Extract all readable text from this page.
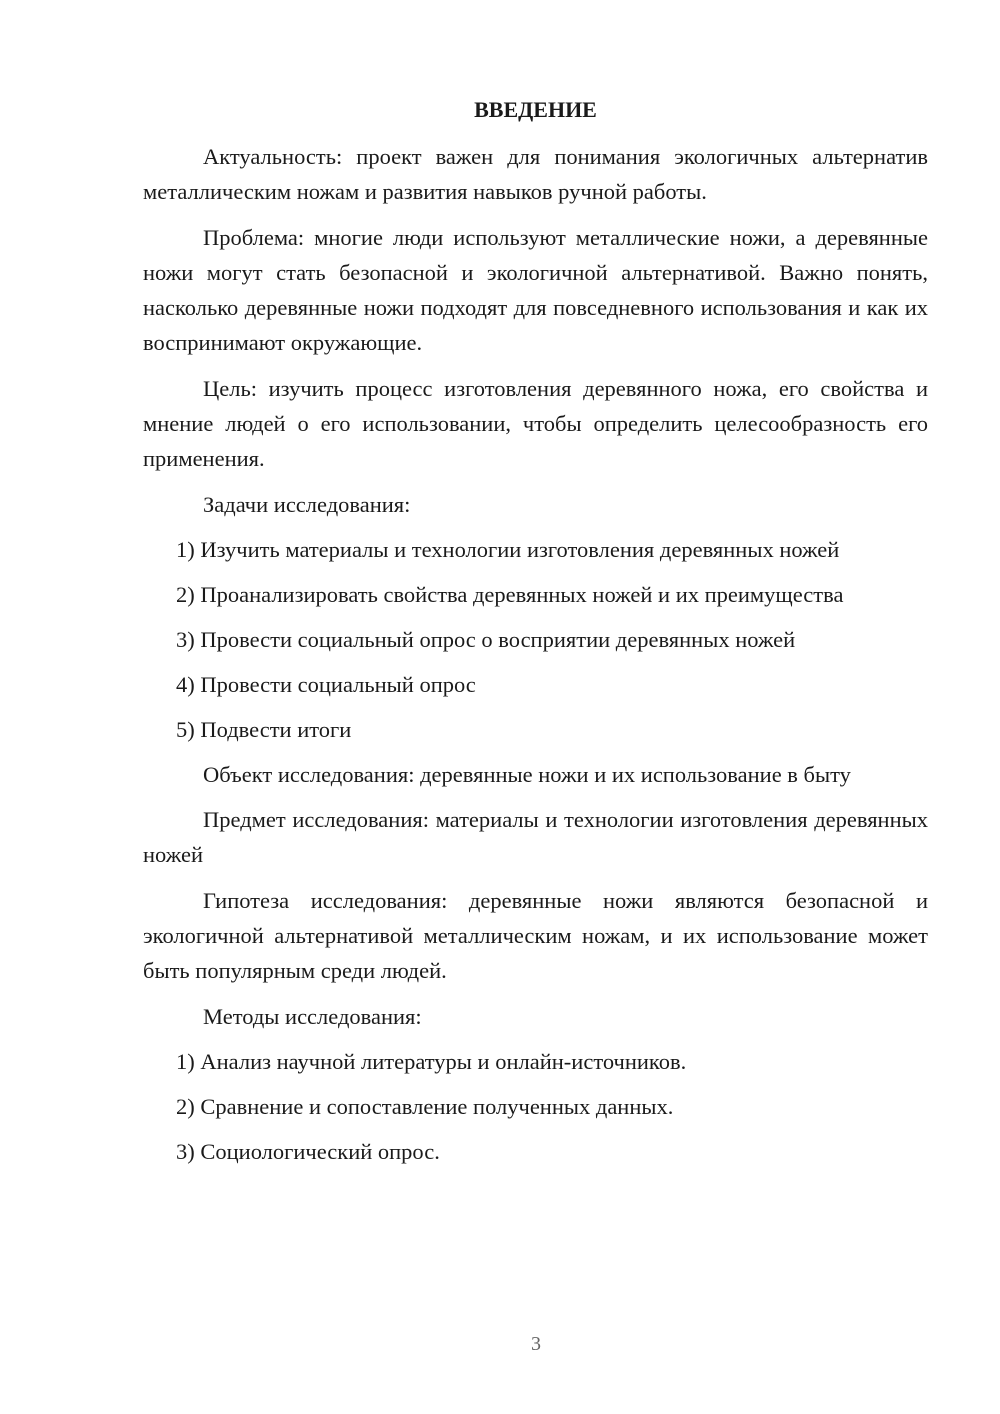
ВВЕДЕНИЕ

Актуальность: проект важен для понимания экологичных альтернатив металлическим ножам и развития навыков ручной работы.

Проблема: многие люди используют металлические ножи, а деревянные ножи могут стать безопасной и экологичной альтернативой. Важно понять, насколько деревянные ножи подходят для повседневного использования и как их воспринимают окружающие.

Цель: изучить процесс изготовления деревянного ножа, его свойства и мнение людей о его использовании, чтобы определить целесообразность его применения.

Задачи исследования:

1) Изучить материалы и технологии изготовления деревянных ножей

2) Проанализировать свойства деревянных ножей и их преимущества

3) Провести социальный опрос о восприятии деревянных ножей

4) Провести социальный опрос

5) Подвести итоги

Объект исследования: деревянные ножи и их использование в быту

Предмет исследования: материалы и технологии изготовления деревянных ножей

Гипотеза исследования: деревянные ножи являются безопасной и экологичной альтернативой металлическим ножам, и их использование может быть популярным среди людей.

Методы исследования:

1) Анализ научной литературы и онлайн-источников.

2) Сравнение и сопоставление полученных данных.

3) Социологический опрос.

3
